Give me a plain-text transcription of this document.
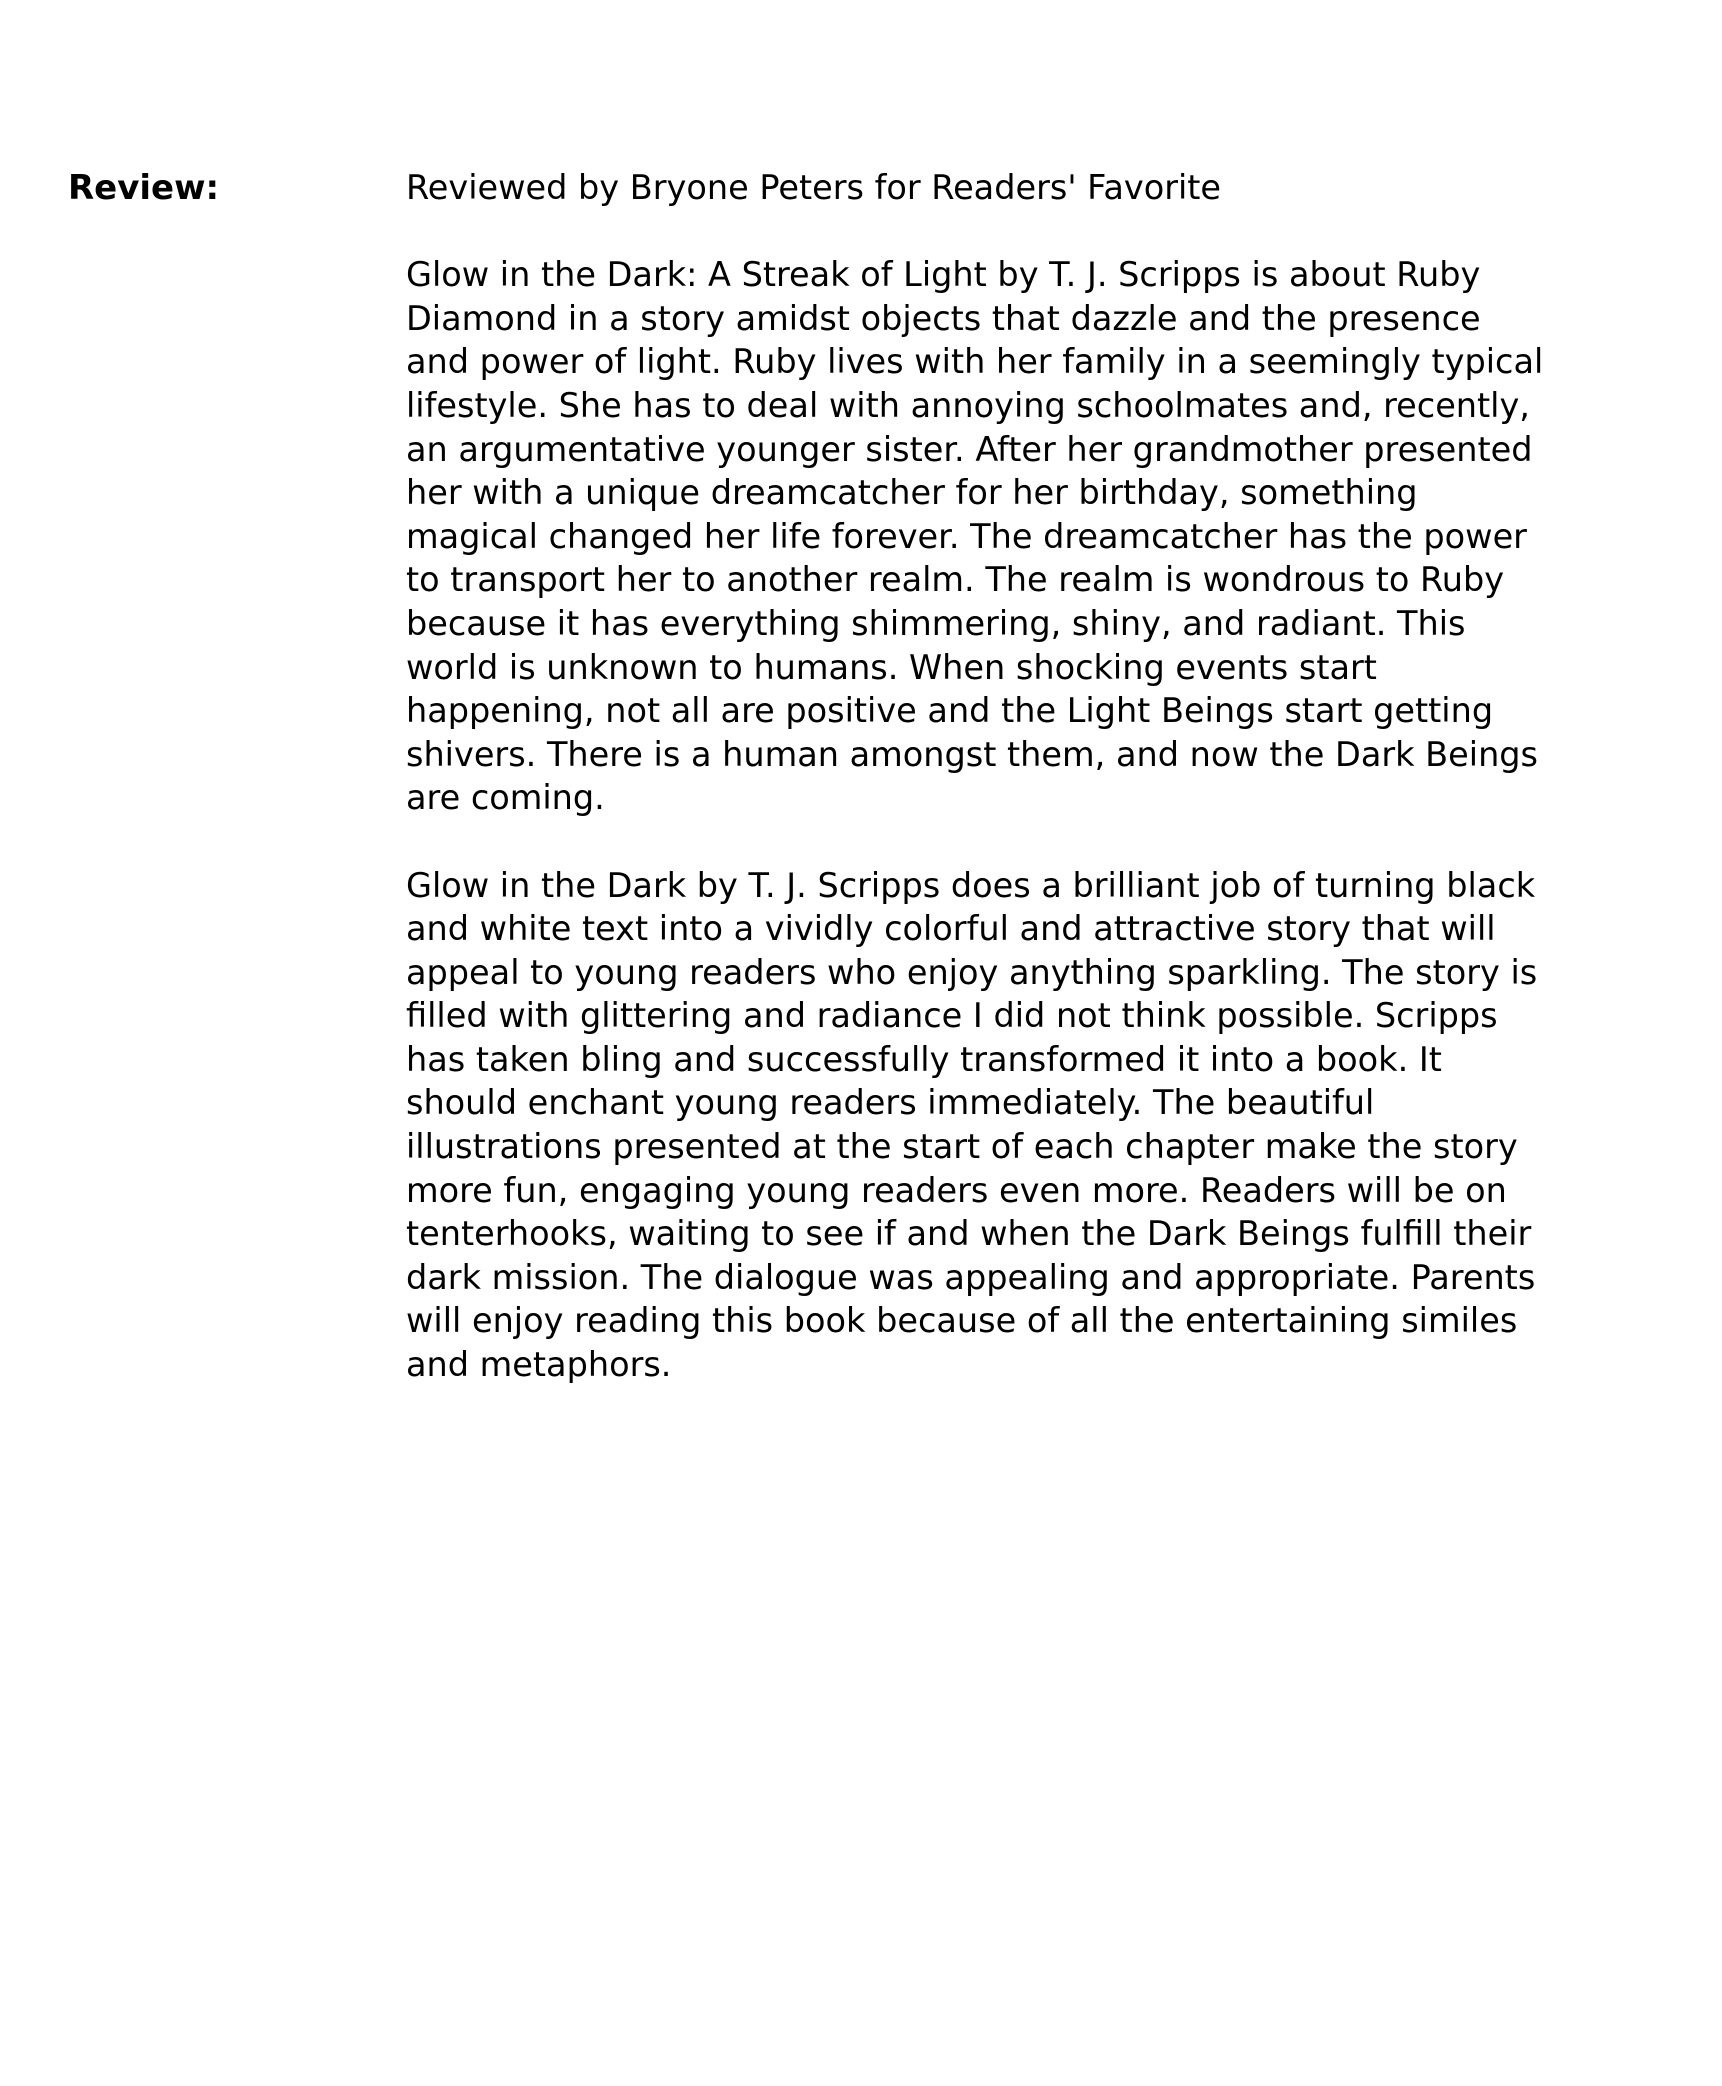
Review:	Reviewed by Bryone Peters for Readers' Favorite

Glow in the Dark: A Streak of Light by T. J. Scripps is about Ruby Diamond in a story amidst objects that dazzle and the presence and power of light. Ruby lives with her family in a seemingly typical lifestyle. She has to deal with annoying schoolmates and, recently, an argumentative younger sister. After her grandmother presented her with a unique dreamcatcher for her birthday, something magical changed her life forever. The dreamcatcher has the power to transport her to another realm. The realm is wondrous to Ruby because it has everything shimmering, shiny, and radiant. This world is unknown to humans. When shocking events start happening, not all are positive and the Light Beings start getting shivers. There is a human amongst them, and now the Dark Beings are coming.

Glow in the Dark by T. J. Scripps does a brilliant job of turning black and white text into a vividly colorful and attractive story that will appeal to young readers who enjoy anything sparkling. The story is filled with glittering and radiance I did not think possible. Scripps has taken bling and successfully transformed it into a book. It should enchant young readers immediately. The beautiful illustrations presented at the start of each chapter make the story more fun, engaging young readers even more. Readers will be on tenterhooks, waiting to see if and when the Dark Beings fulfill their dark mission. The dialogue was appealing and appropriate. Parents will enjoy reading this book because of all the entertaining similes and metaphors.
